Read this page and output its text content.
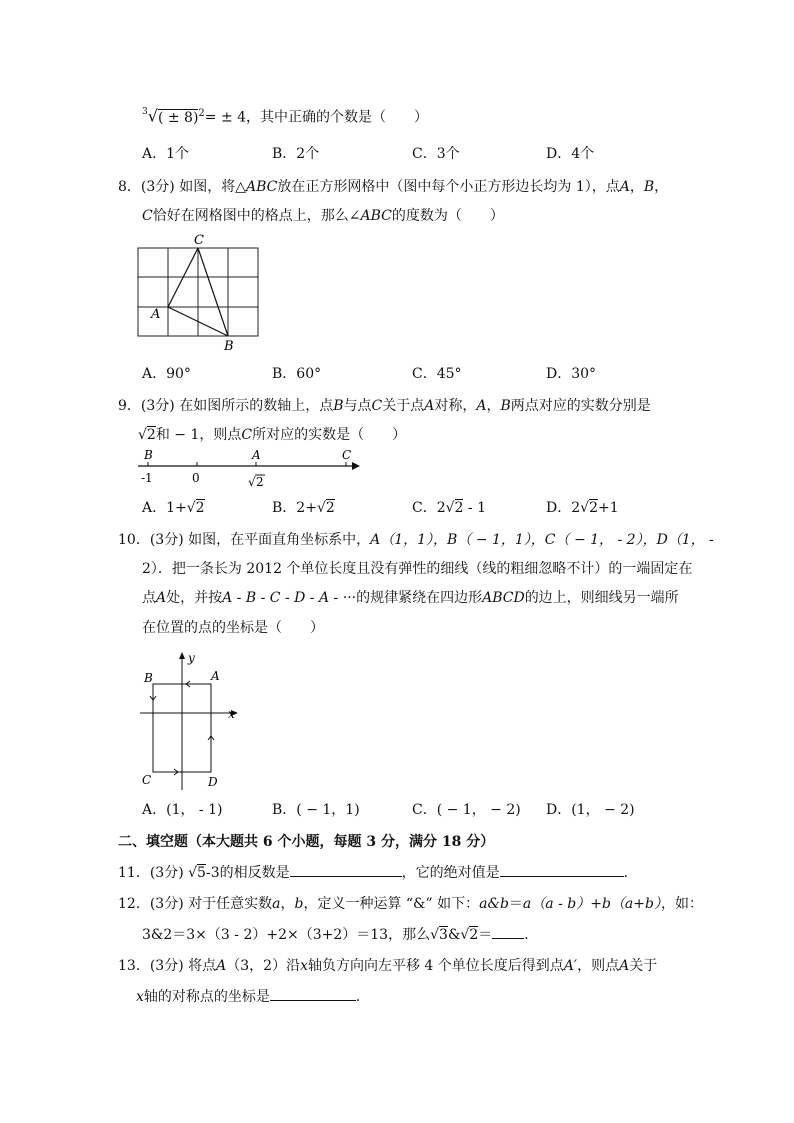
$^3√( \pm 8)^2= \pm 4$，其中正确的个数是（　　）
A．1个	B．2个	C．3个	D．4个
8．(3分) 如图，将△ABC放在正方形网格中（图中每个小正方形边长均为 1），点A，B，
C恰好在网格图中的格点上，那么∠ABC的度数为（　　）
C
A
B
A．90°	B．60°	C．45°	D．30°
9．(3分) 在如图所示的数轴上，点B与点C关于点A对称，A，B两点对应的实数分别是
√2和 − 1，则点C所对应的实数是（　　）
B	A	C
-1	0	√ 2
A．1+√2	B．2+√2	C．2√2 - 1	D．2√2+1
10．(3分) 如图，在平面直角坐标系中，A（1，1），B（ − 1，1），C（ − 1， - 2），D（1， -
2）．把一条长为 2012 个单位长度且没有弹性的细线（线的粗细忽略不计）的一端固定在
点A处，并按A - B - C - D - A - ···的规律紧绕在四边形ABCD的边上，则细线另一端所
在位置的点的坐标是（　　）
y
x
B	A
C	D
A．(1， - 1)	B．( − 1，1)	C．( − 1， − 2) D．(1， − 2)
二、填空题（本大题共 6 个小题，每题 3 分，满分 18 分）
11．(3分) √5-3的相反数是	，它的绝对值是	．
12．(3分) 对于任意实数a，b，定义一种运算 “&” 如下：a&b＝a（a - b）+b（a+b），如：
3&2＝3×（3 - 2）+2×（3+2）＝13，那么√3&√2＝ ．
13．(3分) 将点A（3，2）沿x轴负方向向左平移 4 个单位长度后得到点A′，则点A关于
x轴的对称点的坐标是	．
